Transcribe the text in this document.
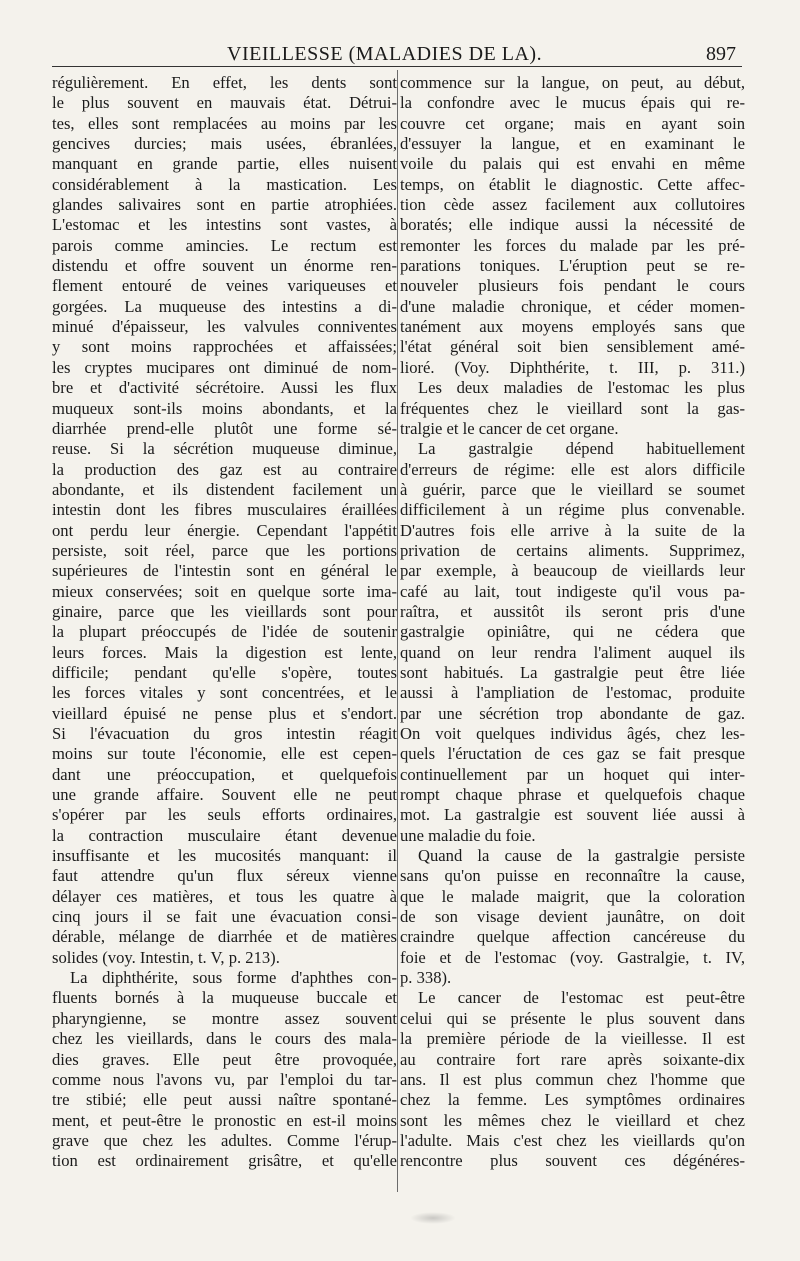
VIEILLESSE (MALADIES DE LA).	897
régulièrement. En effet, les dents sont
le plus souvent en mauvais état. Détrui-
tes, elles sont remplacées au moins par les
gencives durcies; mais usées, ébranlées,
manquant en grande partie, elles nuisent
considérablement à la mastication. Les
glandes salivaires sont en partie atrophiées.
L'estomac et les intestins sont vastes, à
parois comme amincies. Le rectum est
distendu et offre souvent un énorme ren-
flement entouré de veines variqueuses et
gorgées. La muqueuse des intestins a di-
minué d'épaisseur, les valvules conniventes
y sont moins rapprochées et affaissées;
les cryptes mucipares ont diminué de nom-
bre et d'activité sécrétoire. Aussi les flux
muqueux sont-ils moins abondants, et la
diarrhée prend-elle plutôt une forme sé-
reuse. Si la sécrétion muqueuse diminue,
la production des gaz est au contraire
abondante, et ils distendent facilement un
intestin dont les fibres musculaires éraillées
ont perdu leur énergie. Cependant l'appétit
persiste, soit réel, parce que les portions
supérieures de l'intestin sont en général le
mieux conservées; soit en quelque sorte ima-
ginaire, parce que les vieillards sont pour
la plupart préoccupés de l'idée de soutenir
leurs forces. Mais la digestion est lente,
difficile; pendant qu'elle s'opère, toutes
les forces vitales y sont concentrées, et le
vieillard épuisé ne pense plus et s'endort.
Si l'évacuation du gros intestin réagit
moins sur toute l'économie, elle est cepen-
dant une préoccupation, et quelquefois
une grande affaire. Souvent elle ne peut
s'opérer par les seuls efforts ordinaires,
la contraction musculaire étant devenue
insuffisante et les mucosités manquant: il
faut attendre qu'un flux séreux vienne
délayer ces matières, et tous les quatre à
cinq jours il se fait une évacuation consi-
dérable, mélange de diarrhée et de matières
solides (voy. Intestin, t. V, p. 213).
La diphthérite, sous forme d'aphthes con-
fluents bornés à la muqueuse buccale et
pharyngienne, se montre assez souvent
chez les vieillards, dans le cours des mala-
dies graves. Elle peut être provoquée,
comme nous l'avons vu, par l'emploi du tar-
tre stibié; elle peut aussi naître spontané-
ment, et peut-être le pronostic en est-il moins
grave que chez les adultes. Comme l'érup-
tion est ordinairement grisâtre, et qu'elle
commence sur la langue, on peut, au début,
la confondre avec le mucus épais qui re-
couvre cet organe; mais en ayant soin
d'essuyer la langue, et en examinant le
voile du palais qui est envahi en même
temps, on établit le diagnostic. Cette affec-
tion cède assez facilement aux collutoires
boratés; elle indique aussi la nécessité de
remonter les forces du malade par les pré-
parations toniques. L'éruption peut se re-
nouveler plusieurs fois pendant le cours
d'une maladie chronique, et céder momen-
tanément aux moyens employés sans que
l'état général soit bien sensiblement amé-
lioré. (Voy. Diphthérite, t. III, p. 311.)
Les deux maladies de l'estomac les plus
fréquentes chez le vieillard sont la gas-
tralgie et le cancer de cet organe.
La gastralgie dépend habituellement
d'erreurs de régime: elle est alors difficile
à guérir, parce que le vieillard se soumet
difficilement à un régime plus convenable.
D'autres fois elle arrive à la suite de la
privation de certains aliments. Supprimez,
par exemple, à beaucoup de vieillards leur
café au lait, tout indigeste qu'il vous pa-
raîtra, et aussitôt ils seront pris d'une
gastralgie opiniâtre, qui ne cédera que
quand on leur rendra l'aliment auquel ils
sont habitués. La gastralgie peut être liée
aussi à l'ampliation de l'estomac, produite
par une sécrétion trop abondante de gaz.
On voit quelques individus âgés, chez les-
quels l'éructation de ces gaz se fait presque
continuellement par un hoquet qui inter-
rompt chaque phrase et quelquefois chaque
mot. La gastralgie est souvent liée aussi à
une maladie du foie.
Quand la cause de la gastralgie persiste
sans qu'on puisse en reconnaître la cause,
que le malade maigrit, que la coloration
de son visage devient jaunâtre, on doit
craindre quelque affection cancéreuse du
foie et de l'estomac (voy. Gastralgie, t. IV,
p. 338).
Le cancer de l'estomac est peut-être
celui qui se présente le plus souvent dans
la première période de la vieillesse. Il est
au contraire fort rare après soixante-dix
ans. Il est plus commun chez l'homme que
chez la femme. Les symptômes ordinaires
sont les mêmes chez le vieillard et chez
l'adulte. Mais c'est chez les vieillards qu'on
rencontre plus souvent ces dégénéres-
